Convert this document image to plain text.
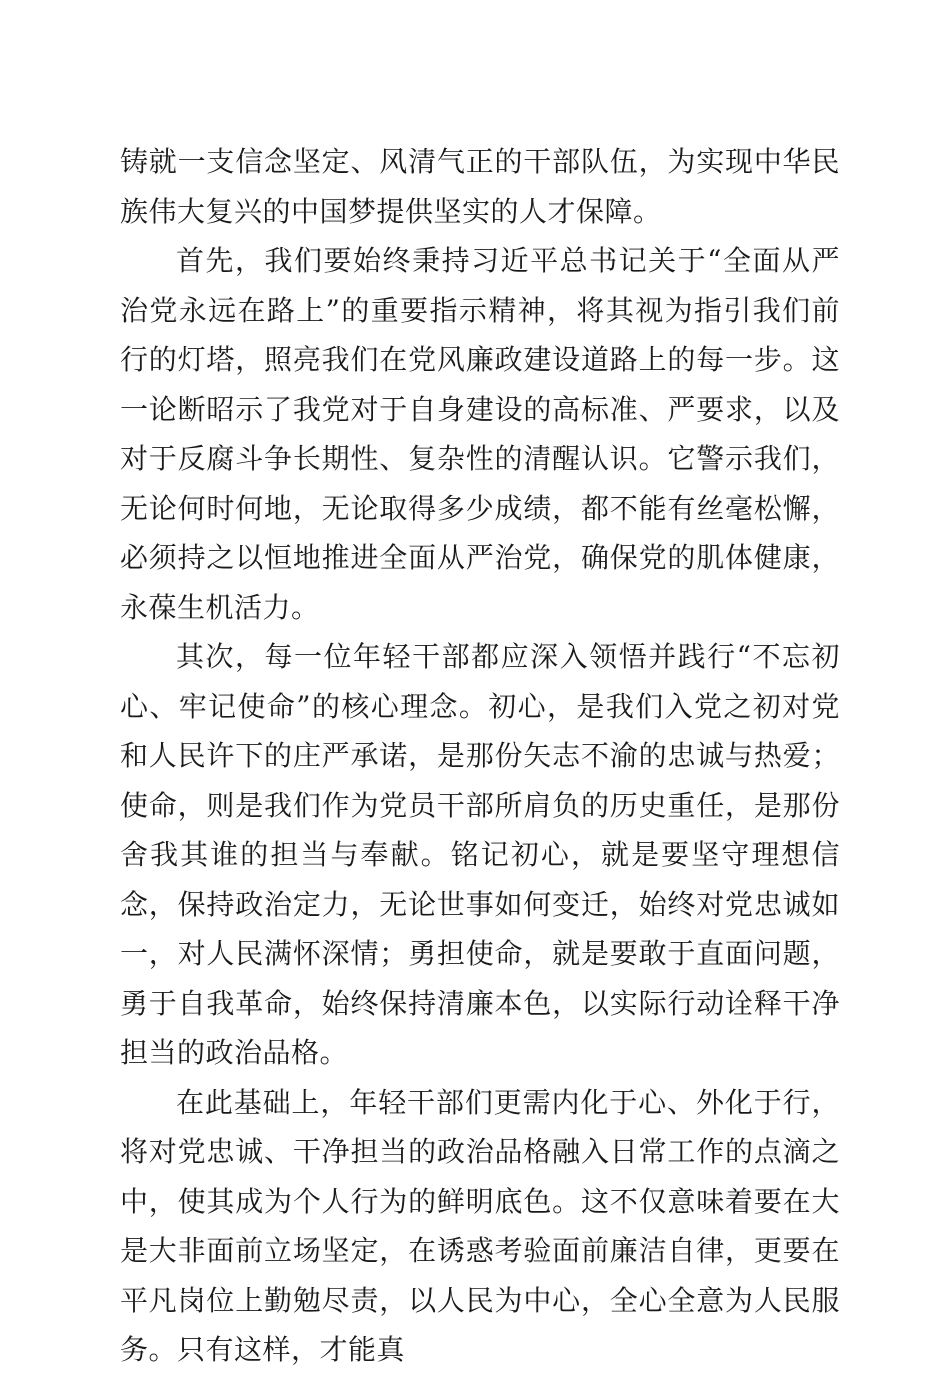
铸就一支信念坚定、风清气正的干部队伍，为实现中华民族伟大复兴的中国梦提供坚实的人才保障。

首先，我们要始终秉持习近平总书记关于“全面从严治党永远在路上”的重要指示精神，将其视为指引我们前行的灯塔，照亮我们在党风廉政建设道路上的每一步。这一论断昭示了我党对于自身建设的高标准、严要求，以及对于反腐斗争长期性、复杂性的清醒认识。它警示我们，无论何时何地，无论取得多少成绩，都不能有丝毫松懈，必须持之以恒地推进全面从严治党，确保党的肌体健康，永葆生机活力。

其次，每一位年轻干部都应深入领悟并践行“不忘初心、牢记使命”的核心理念。初心，是我们入党之初对党和人民许下的庄严承诺，是那份矢志不渝的忠诚与热爱；使命，则是我们作为党员干部所肩负的历史重任，是那份舍我其谁的担当与奉献。铭记初心，就是要坚守理想信念，保持政治定力，无论世事如何变迁，始终对党忠诚如一，对人民满怀深情；勇担使命，就是要敢于直面问题，勇于自我革命，始终保持清廉本色，以实际行动诠释干净担当的政治品格。

在此基础上，年轻干部们更需内化于心、外化于行，将对党忠诚、干净担当的政治品格融入日常工作的点滴之中，使其成为个人行为的鲜明底色。这不仅意味着要在大是大非面前立场坚定，在诱惑考验面前廉洁自律，更要在平凡岗位上勤勉尽责，以人民为中心，全心全意为人民服务。只有这样，才能真
